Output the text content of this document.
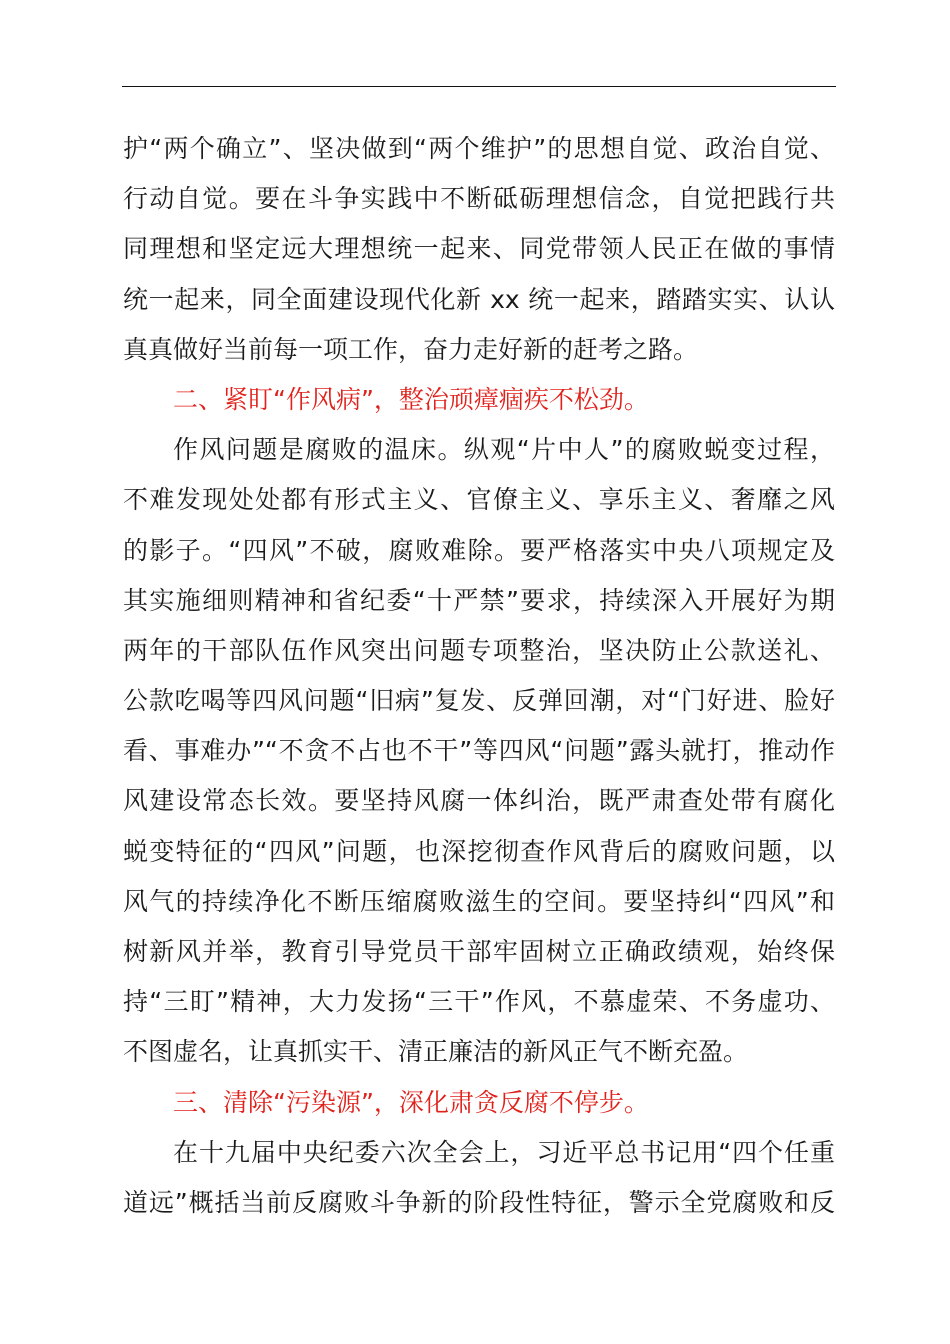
护“两个确立”、坚决做到“两个维护”的思想自觉、政治自觉、
行动自觉。要在斗争实践中不断砥砺理想信念，自觉把践行共
同理想和坚定远大理想统一起来、同党带领人民正在做的事情
统一起来，同全面建设现代化新 xx 统一起来，踏踏实实、认认
真真做好当前每一项工作，奋力走好新的赶考之路。
二、紧盯“作风病”，整治顽瘴痼疾不松劲。
作风问题是腐败的温床。纵观“片中人”的腐败蜕变过程，
不难发现处处都有形式主义、官僚主义、享乐主义、奢靡之风
的影子。“四风”不破，腐败难除。要严格落实中央八项规定及
其实施细则精神和省纪委“十严禁”要求，持续深入开展好为期
两年的干部队伍作风突出问题专项整治，坚决防止公款送礼、
公款吃喝等四风问题“旧病”复发、反弹回潮，对“门好进、脸好
看、事难办”“不贪不占也不干”等四风“问题”露头就打，推动作
风建设常态长效。要坚持风腐一体纠治，既严肃查处带有腐化
蜕变特征的“四风”问题，也深挖彻查作风背后的腐败问题，以
风气的持续净化不断压缩腐败滋生的空间。要坚持纠“四风”和
树新风并举，教育引导党员干部牢固树立正确政绩观，始终保
持“三盯”精神，大力发扬“三干”作风，不慕虚荣、不务虚功、
不图虚名，让真抓实干、清正廉洁的新风正气不断充盈。
三、清除“污染源”，深化肃贪反腐不停步。
在十九届中央纪委六次全会上，习近平总书记用“四个任重
道远”概括当前反腐败斗争新的阶段性特征，警示全党腐败和反
